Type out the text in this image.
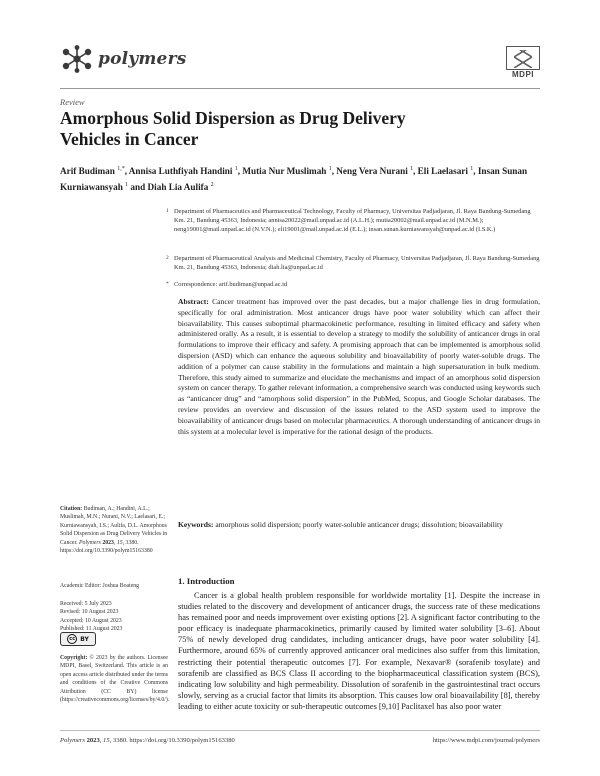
polymers
MDPI
Review
Amorphous Solid Dispersion as Drug Delivery Vehicles in Cancer
Arif Budiman $^{1,*}$, Annisa Luthfiyah Handini $^1$, Mutia Nur Muslimah $^1$, Neng Vera Nurani $^1$, Eli Laelasari $^1$, Insan Sunan Kurniawansyah $^1$ and Diah Lia Aulifa $^2$
1 Department of Pharmaceutics and Pharmaceutical Technology, Faculty of Pharmacy, Universitas Padjadjaran, Jl. Raya Bandung-Sumedang Km. 21, Bandung 45363, Indonesia; annisa20022@mail.unpad.ac.id (A.L.H.); mutia20002@mail.unpad.ac.id (M.N.M.); neng19001@mail.unpad.ac.id (N.V.N.); eli19001@mail.unpad.ac.id (E.L.); insan.sunan.kurniawansyah@unpad.ac.id (I.S.K.)
2 Department of Pharmaceutical Analysis and Medicinal Chemistry, Faculty of Pharmacy, Universitas Padjadjaran, Jl. Raya Bandung-Sumedang Km. 21, Bandung 45363, Indonesia; diah.lia@unpad.ac.id
* Correspondence: arif.budiman@unpad.ac.id
Abstract: Cancer treatment has improved over the past decades, but a major challenge lies in drug formulation, specifically for oral administration. Most anticancer drugs have poor water solubility which can affect their bioavailability. This causes suboptimal pharmacokinetic performance, resulting in limited efficacy and safety when administered orally. As a result, it is essential to develop a strategy to modify the solubility of anticancer drugs in oral formulations to improve their efficacy and safety. A promising approach that can be implemented is amorphous solid dispersion (ASD) which can enhance the aqueous solubility and bioavailability of poorly water-soluble drugs. The addition of a polymer can cause stability in the formulations and maintain a high supersaturation in bulk medium. Therefore, this study aimed to summarize and elucidate the mechanisms and impact of an amorphous solid dispersion system on cancer therapy. To gather relevant information, a comprehensive search was conducted using keywords such as “anticancer drug” and “amorphous solid dispersion” in the PubMed, Scopus, and Google Scholar databases. The review provides an overview and discussion of the issues related to the ASD system used to improve the bioavailability of anticancer drugs based on molecular pharmaceutics. A thorough understanding of anticancer drugs in this system at a molecular level is imperative for the rational design of the products.
Keywords: amorphous solid dispersion; poorly water-soluble anticancer drugs; dissolution; bioavailability
Citation: Budiman, A.; Handini, A.L.; Muslimah, M.N.; Nurani, N.V.; Laelasari, E.; Kurniawansyah, I.S.; Aulifa, D.L. Amorphous Solid Dispersion as Drug Delivery Vehicles in Cancer. Polymers 2023, 15, 3380. https://doi.org/10.3390/polym15163380
Academic Editor: Joshua Boateng
Received: 5 July 2023
Revised: 10 August 2023
Accepted: 10 August 2023
Published: 11 August 2023
cc BY
Copyright: © 2023 by the authors. Licensee MDPI, Basel, Switzerland. This article is an open access article distributed under the terms and conditions of the Creative Commons Attribution (CC BY) license (https://creativecommons.org/licenses/by/4.0/).
1. Introduction
Cancer is a global health problem responsible for worldwide mortality [1]. Despite the increase in studies related to the discovery and development of anticancer drugs, the success rate of these medications has remained poor and needs improvement over existing options [2]. A significant factor contributing to the poor efficacy is inadequate pharmacokinetics, primarily caused by limited water solubility [3–6]. About 75% of newly developed drug candidates, including anticancer drugs, have poor water solubility [4]. Furthermore, around 65% of currently approved anticancer oral medicines also suffer from this limitation, restricting their potential therapeutic outcomes [7]. For example, Nexavar® (sorafenib tosylate) and sorafenib are classified as BCS Class II according to the biopharmaceutical classification system (BCS), indicating low solubility and high permeability. Dissolution of sorafenib in the gastrointestinal tract occurs slowly, serving as a crucial factor that limits its absorption. This causes low oral bioavailability [8], thereby leading to either acute toxicity or sub-therapeutic outcomes [9,10] Paclitaxel has also poor water
Polymers 2023, 15, 3380. https://doi.org/10.3390/polym15163380	https://www.mdpi.com/journal/polymers
